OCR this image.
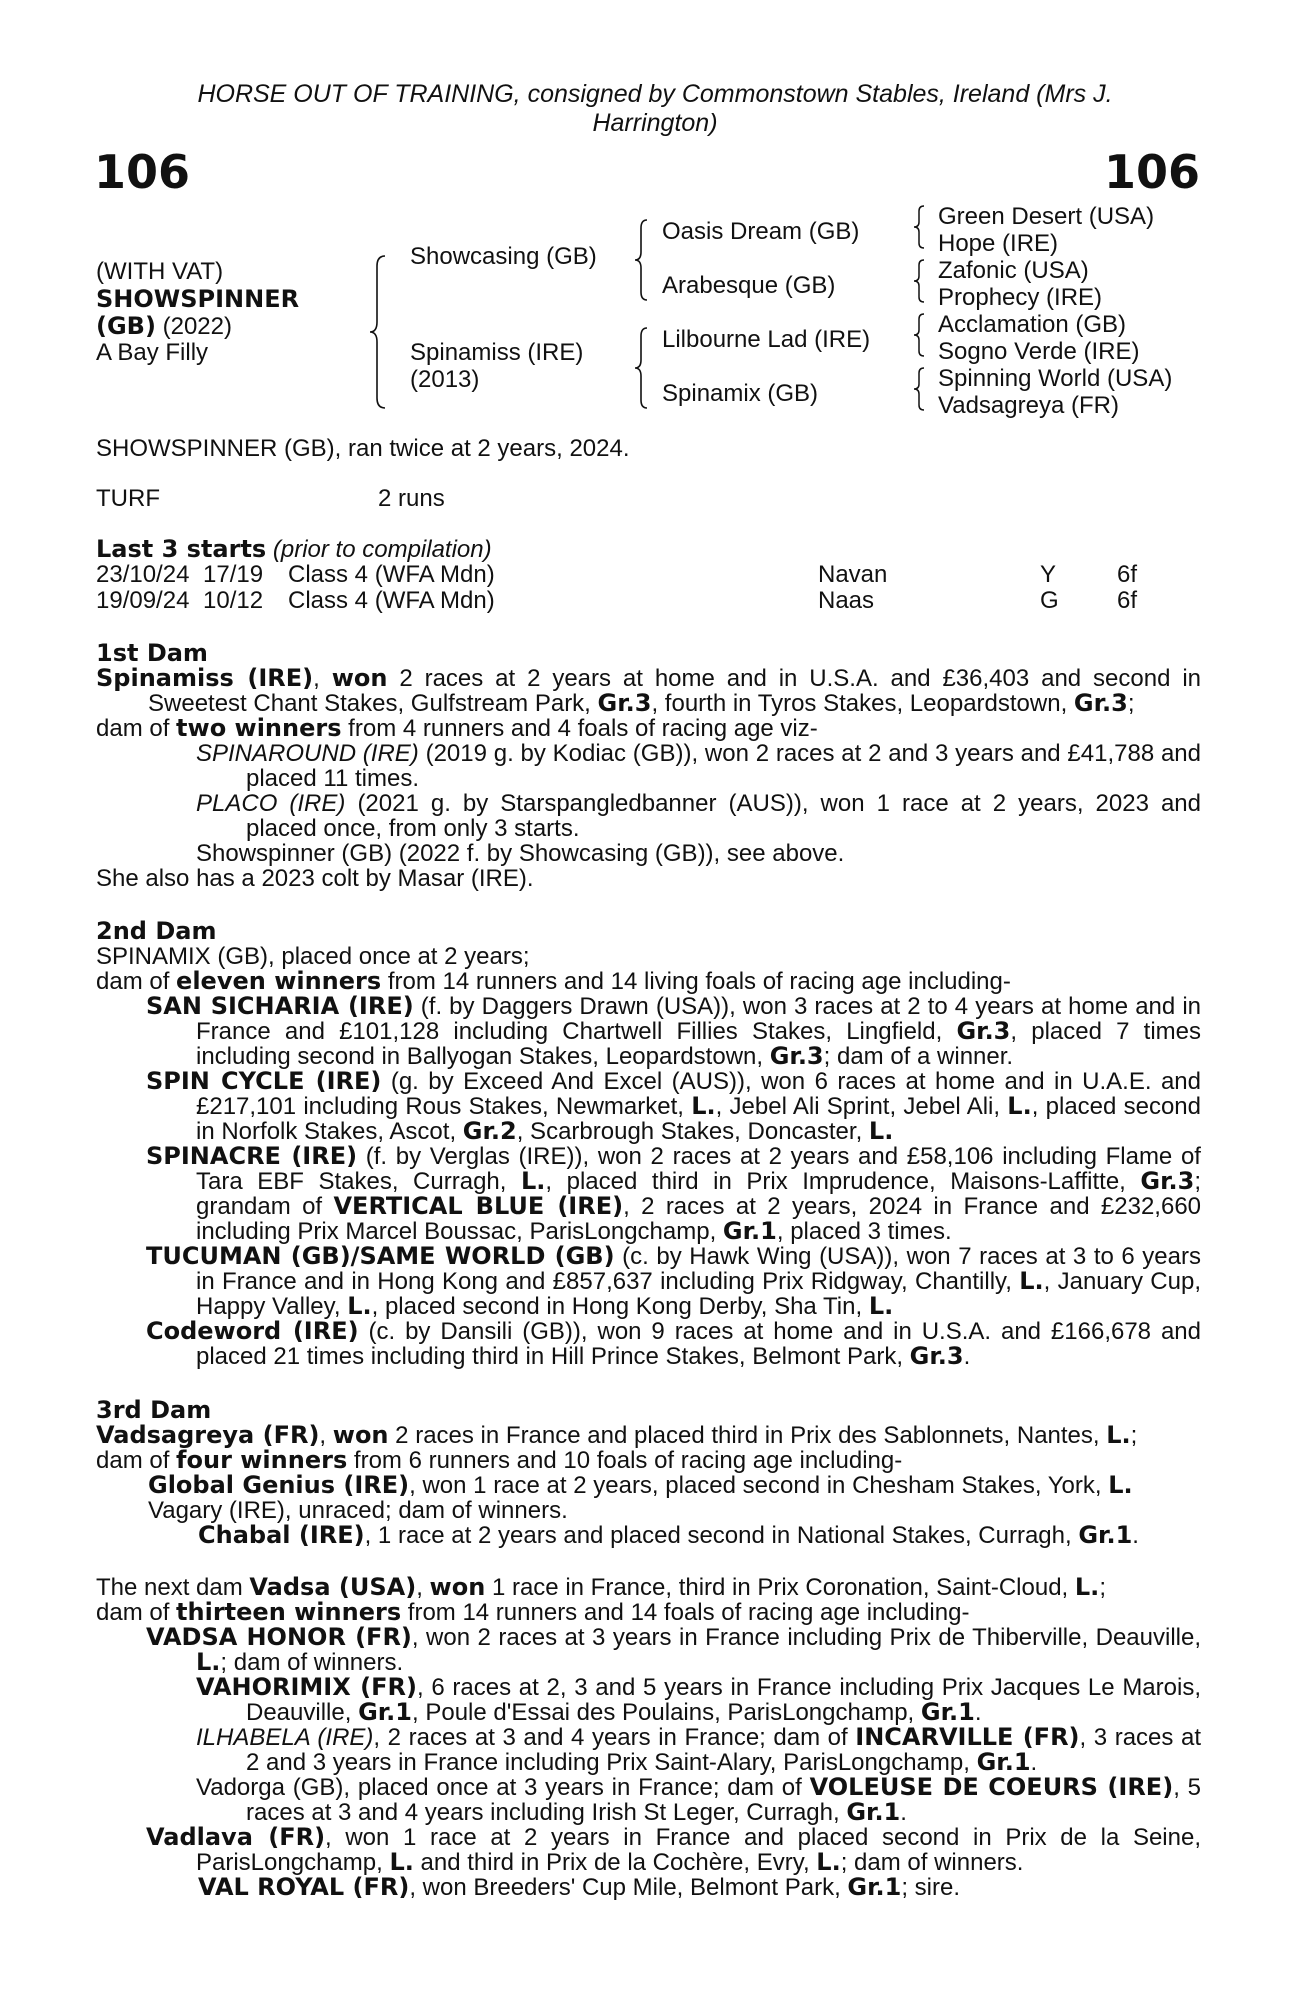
HORSE OUT OF TRAINING, consigned by Commonstown Stables, Ireland (Mrs J. Harrington)
106	106
(WITH VAT)
SHOWSPINNER
(GB) (2022)
A Bay Filly
Showcasing (GB)
Spinamiss (IRE)
(2013)
Oasis Dream (GB)
Arabesque (GB)
Lilbourne Lad (IRE)
Spinamix (GB)
Green Desert (USA)
Hope (IRE)
Zafonic (USA)
Prophecy (IRE)
Acclamation (GB)
Sogno Verde (IRE)
Spinning World (USA)
Vadsagreya (FR)
SHOWSPINNER (GB), ran twice at 2 years, 2024.
TURF	2 runs
Last 3 starts (prior to compilation)
23/10/24 17/19 Class 4 (WFA Mdn)	Navan	Y	6f
19/09/24 10/12 Class 4 (WFA Mdn)	Naas	G 6f

1st Dam

Spinamiss (IRE), won 2 races at 2 years at home and in U.S.A. and £36,403 and second in Sweetest Chant Stakes, Gulfstream Park, Gr.3, fourth in Tyros Stakes, Leopardstown, Gr.3;

dam of two winners from 4 runners and 4 foals of racing age viz-

SPINAROUND (IRE) (2019 g. by Kodiac (GB)), won 2 races at 2 and 3 years and £41,788 and placed 11 times.

PLACO (IRE) (2021 g. by Starspangledbanner (AUS)), won 1 race at 2 years, 2023 and placed once, from only 3 starts.

Showspinner (GB) (2022 f. by Showcasing (GB)), see above.

She also has a 2023 colt by Masar (IRE).

2nd Dam

SPINAMIX (GB), placed once at 2 years;

dam of eleven winners from 14 runners and 14 living foals of racing age including-

SAN SICHARIA (IRE) (f. by Daggers Drawn (USA)), won 3 races at 2 to 4 years at home and in France and £101,128 including Chartwell Fillies Stakes, Lingfield, Gr.3, placed 7 times including second in Ballyogan Stakes, Leopardstown, Gr.3; dam of a winner.

SPIN CYCLE (IRE) (g. by Exceed And Excel (AUS)), won 6 races at home and in U.A.E. and £217,101 including Rous Stakes, Newmarket, L., Jebel Ali Sprint, Jebel Ali, L., placed second in Norfolk Stakes, Ascot, Gr.2, Scarbrough Stakes, Doncaster, L.

SPINACRE (IRE) (f. by Verglas (IRE)), won 2 races at 2 years and £58,106 including Flame of Tara EBF Stakes, Curragh, L., placed third in Prix Imprudence, Maisons-Laffitte, Gr.3; grandam of VERTICAL BLUE (IRE), 2 races at 2 years, 2024 in France and £232,660 including Prix Marcel Boussac, ParisLongchamp, Gr.1, placed 3 times.

TUCUMAN (GB)/SAME WORLD (GB) (c. by Hawk Wing (USA)), won 7 races at 3 to 6 years in France and in Hong Kong and £857,637 including Prix Ridgway, Chantilly, L., January Cup, Happy Valley, L., placed second in Hong Kong Derby, Sha Tin, L.

Codeword (IRE) (c. by Dansili (GB)), won 9 races at home and in U.S.A. and £166,678 and placed 21 times including third in Hill Prince Stakes, Belmont Park, Gr.3.

3rd Dam

Vadsagreya (FR), won 2 races in France and placed third in Prix des Sablonnets, Nantes, L.;

dam of four winners from 6 runners and 10 foals of racing age including-

Global Genius (IRE), won 1 race at 2 years, placed second in Chesham Stakes, York, L.

Vagary (IRE), unraced; dam of winners.

Chabal (IRE), 1 race at 2 years and placed second in National Stakes, Curragh, Gr.1.

The next dam Vadsa (USA), won 1 race in France, third in Prix Coronation, Saint-Cloud, L.;

dam of thirteen winners from 14 runners and 14 foals of racing age including-

VADSA HONOR (FR), won 2 races at 3 years in France including Prix de Thiberville, Deauville, L.; dam of winners.

VAHORIMIX (FR), 6 races at 2, 3 and 5 years in France including Prix Jacques Le Marois, Deauville, Gr.1, Poule d'Essai des Poulains, ParisLongchamp, Gr.1.

ILHABELA (IRE), 2 races at 3 and 4 years in France; dam of INCARVILLE (FR), 3 races at 2 and 3 years in France including Prix Saint-Alary, ParisLongchamp, Gr.1.

Vadorga (GB), placed once at 3 years in France; dam of VOLEUSE DE COEURS (IRE), 5 races at 3 and 4 years including Irish St Leger, Curragh, Gr.1.

Vadlava (FR), won 1 race at 2 years in France and placed second in Prix de la Seine, ParisLongchamp, L. and third in Prix de la Cochère, Evry, L.; dam of winners.

VAL ROYAL (FR), won Breeders' Cup Mile, Belmont Park, Gr.1; sire.
